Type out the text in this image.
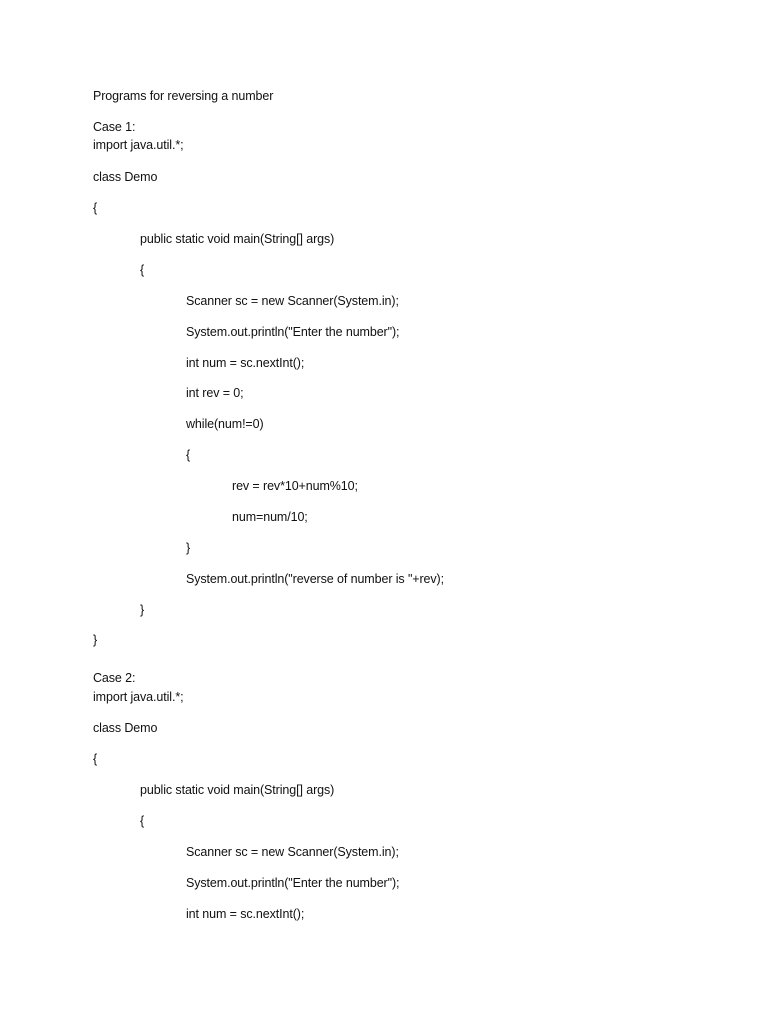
Programs for reversing a number
Case 1:
import java.util.*;
class Demo
{
public static void main(String[] args)
{
Scanner sc = new Scanner(System.in);
System.out.println("Enter the number");
int num = sc.nextInt();
int rev = 0;
while(num!=0)
{
rev = rev*10+num%10;
num=num/10;
}
System.out.println("reverse of number is "+rev);
}
}
Case 2:
import java.util.*;
class Demo
{
public static void main(String[] args)
{
Scanner sc = new Scanner(System.in);
System.out.println("Enter the number");
int num = sc.nextInt();
